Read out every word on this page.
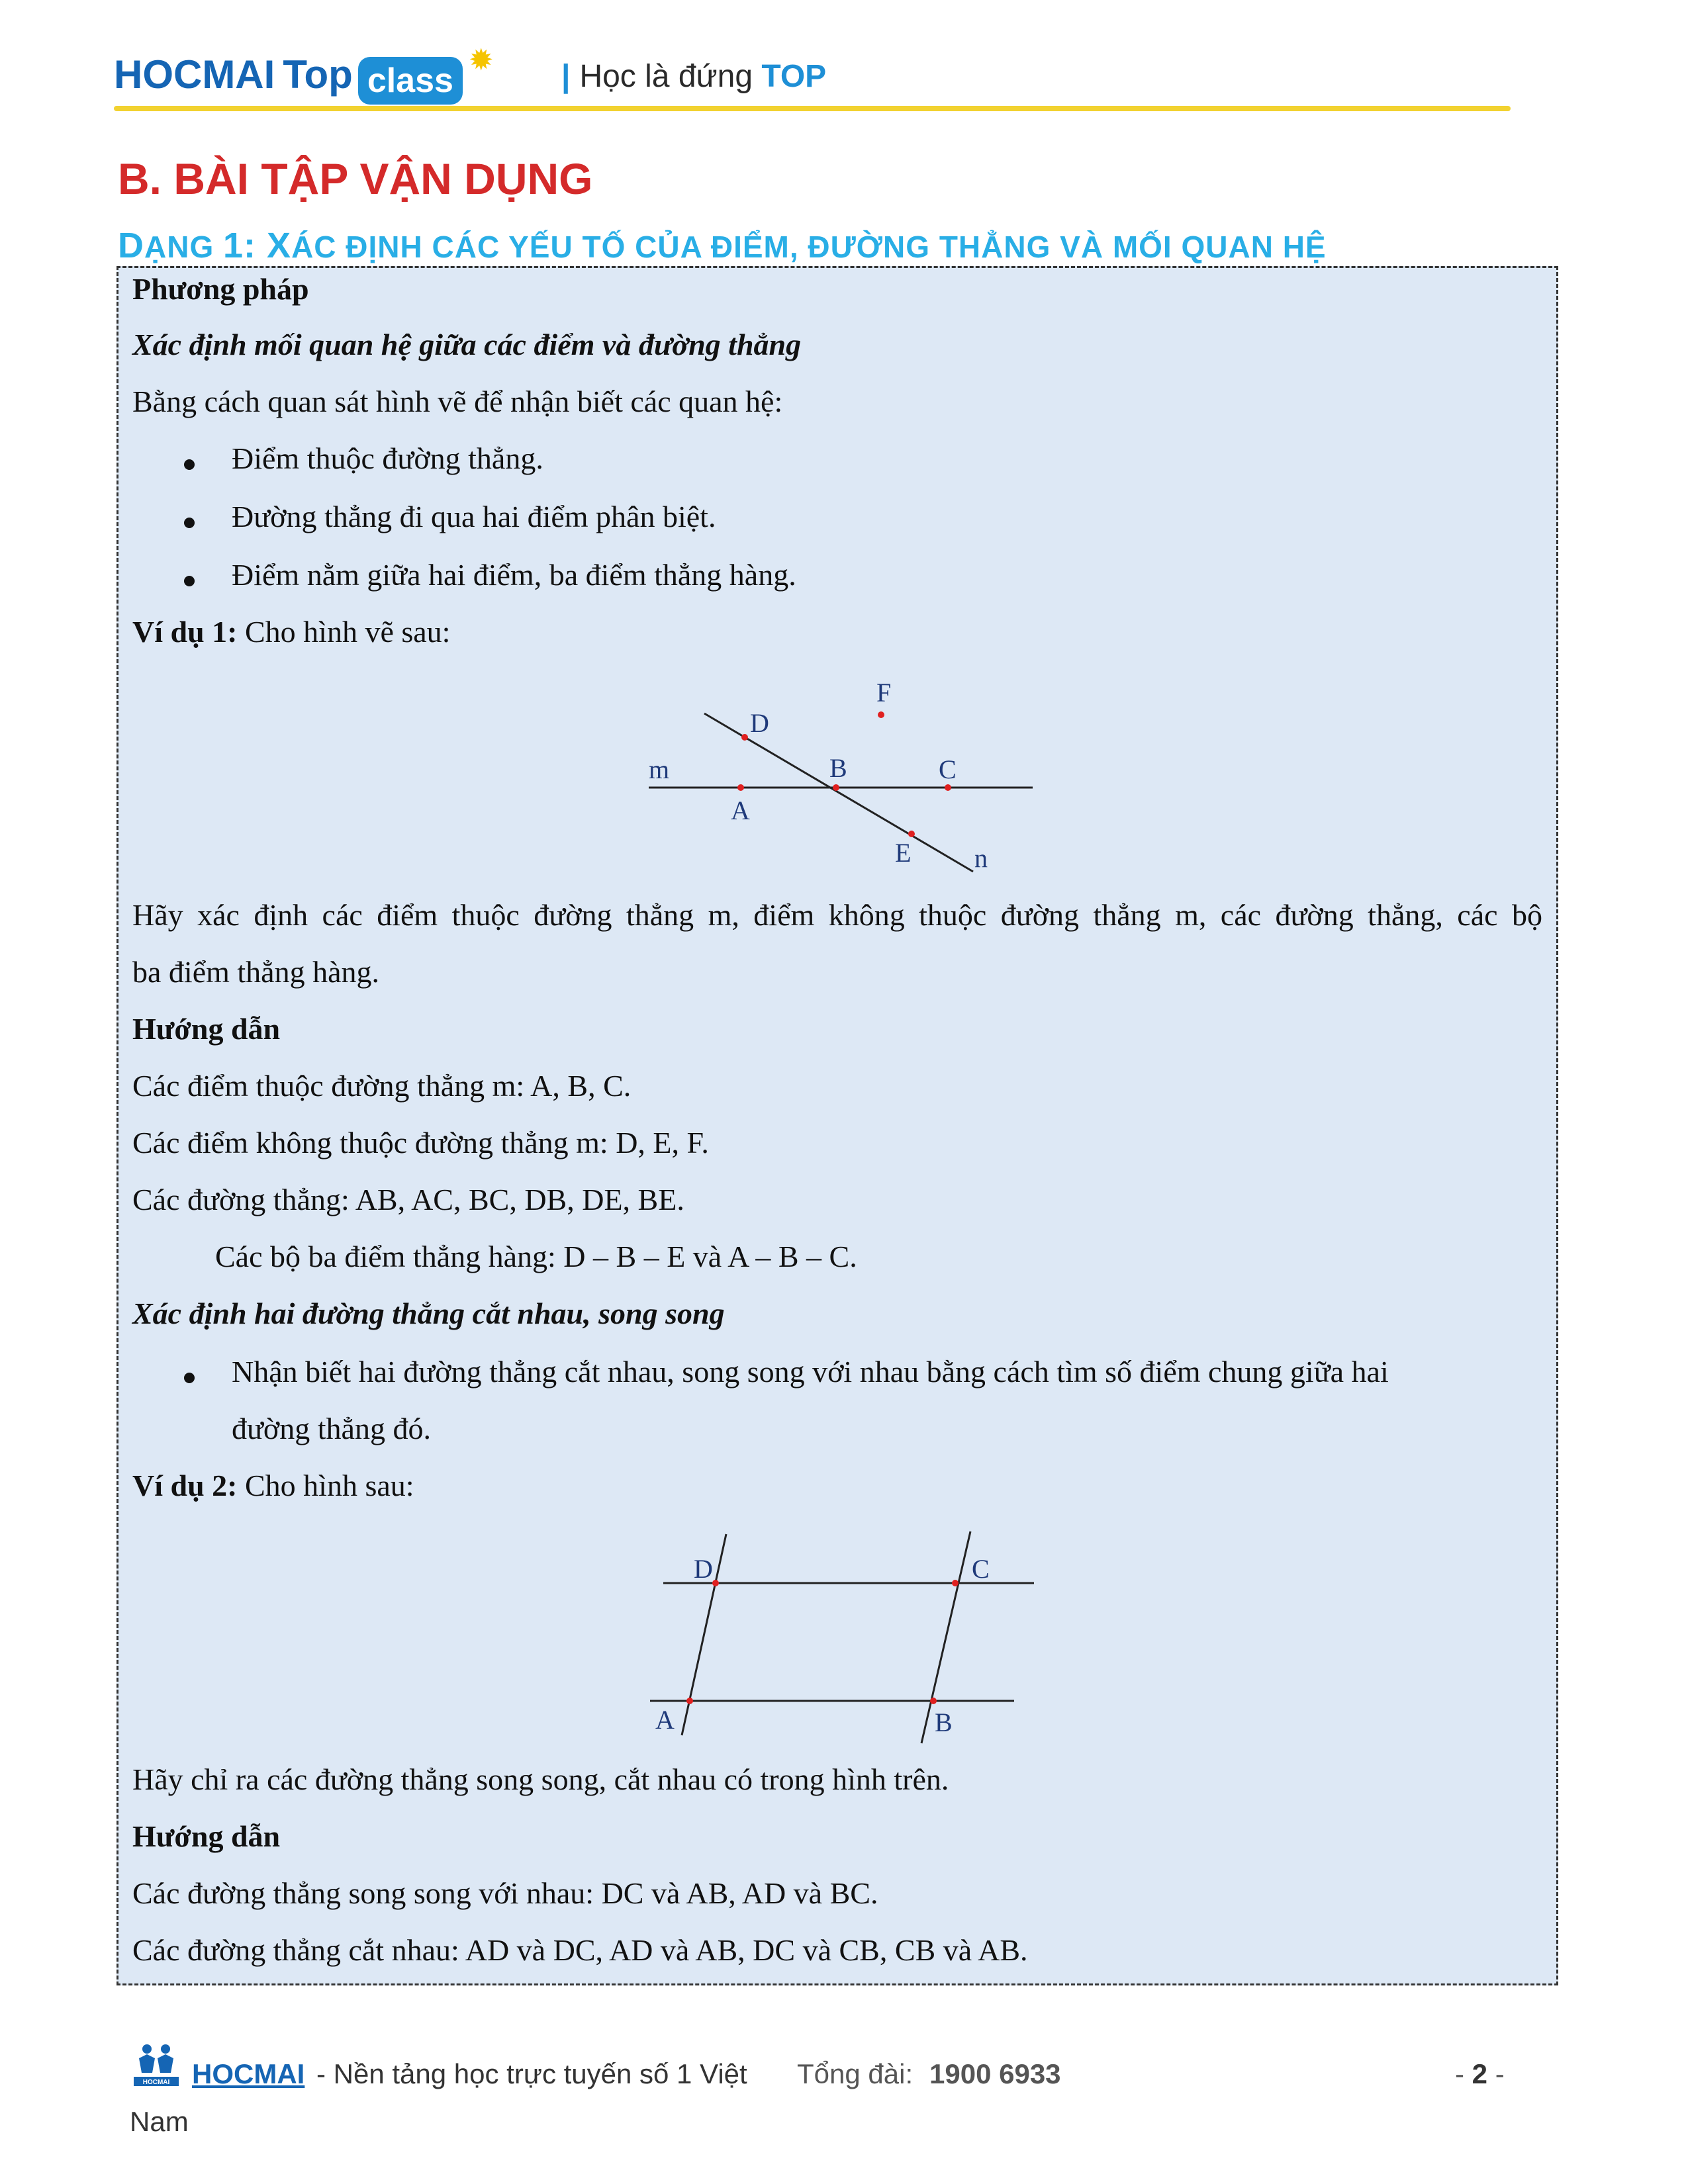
HOCMAI Top class
✹ | Học là đứng TOP
B. BÀI TẬP VẬN DỤNG
DẠNG 1: XÁC ĐỊNH CÁC YẾU TỐ CỦA ĐIỂM, ĐƯỜNG THẲNG VÀ MỐI QUAN HỆ
Phương pháp
Xác định mối quan hệ giữa các điểm và đường thẳng
Bằng cách quan sát hình vẽ để nhận biết các quan hệ:
Điểm thuộc đường thẳng.
Đường thẳng đi qua hai điểm phân biệt.
Điểm nằm giữa hai điểm, ba điểm thẳng hàng.
Ví dụ 1: Cho hình vẽ sau:
D
F
m	B	C
A
E n
Hãy xác định các điểm thuộc đường thẳng m, điểm không thuộc đường thẳng m, các đường thẳng, các bộ
ba điểm thẳng hàng.
Hướng dẫn
Các điểm thuộc đường thẳng m: A, B, C.
Các điểm không thuộc đường thẳng m: D, E, F.
Các đường thẳng: AB, AC, BC, DB, DE, BE.
Các bộ ba điểm thẳng hàng: D – B – E và A – B – C.
Xác định hai đường thẳng cắt nhau, song song
Nhận biết hai đường thẳng cắt nhau, song song với nhau bằng cách tìm số điểm chung giữa hai
đường thẳng đó.
Ví dụ 2: Cho hình sau:
D	C
A	B
Hãy chỉ ra các đường thẳng song song, cắt nhau có trong hình trên.
Hướng dẫn
Các đường thẳng song song với nhau: DC và AB, AD và BC.
Các đường thẳng cắt nhau: AD và DC, AD và AB, DC và CB, CB và AB.
HOCMAI HOCMAI - Nền tảng học trực tuyến số 1 Việt Tổng đài: 1900 6933	- 2 -
Nam
